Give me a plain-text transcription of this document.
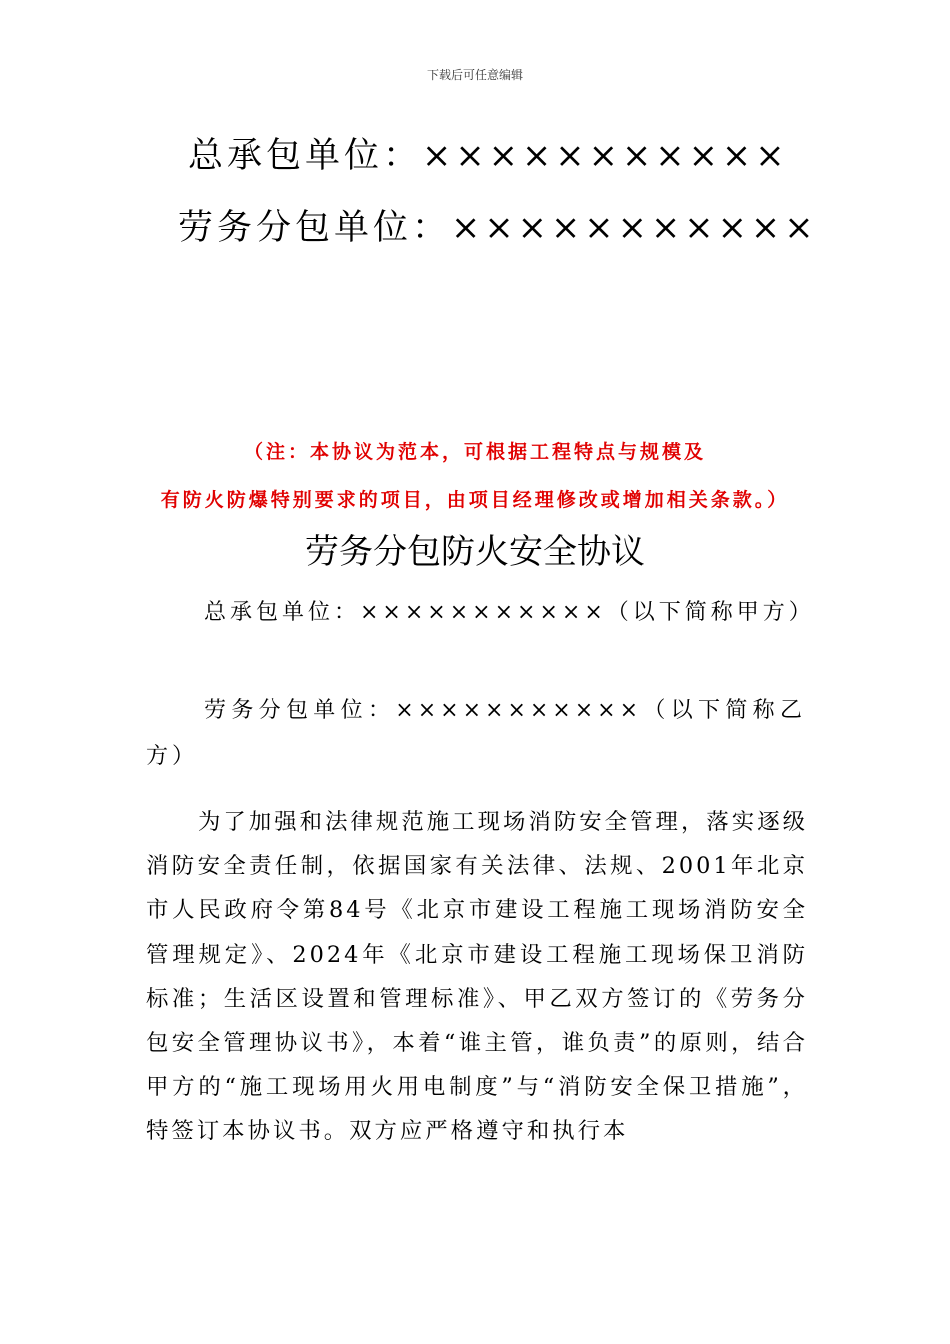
下载后可任意编辑
总承包单位：×××××××××××
劳务分包单位：×××××××××××
（注：本协议为范本，可根据工程特点与规模及
有防火防爆特别要求的项目，由项目经理修改或增加相关条款。）
劳务分包防火安全协议
总承包单位：×××××××××××（以下简称甲方）
劳务分包单位：×××××××××××（以下简称乙方）
为了加强和法律规范施工现场消防安全管理，落实逐级消防安全责任制，依据国家有关法律、法规、2001年北京市人民政府令第84号《北京市建设工程施工现场消防安全管理规定》、2024年《北京市建设工程施工现场保卫消防标准；生活区设置和管理标准》、甲乙双方签订的《劳务分包安全管理协议书》，本着“谁主管，谁负责”的原则，结合甲方的“施工现场用火用电制度”与“消防安全保卫措施”，特签订本协议书。双方应严格遵守和执行本
